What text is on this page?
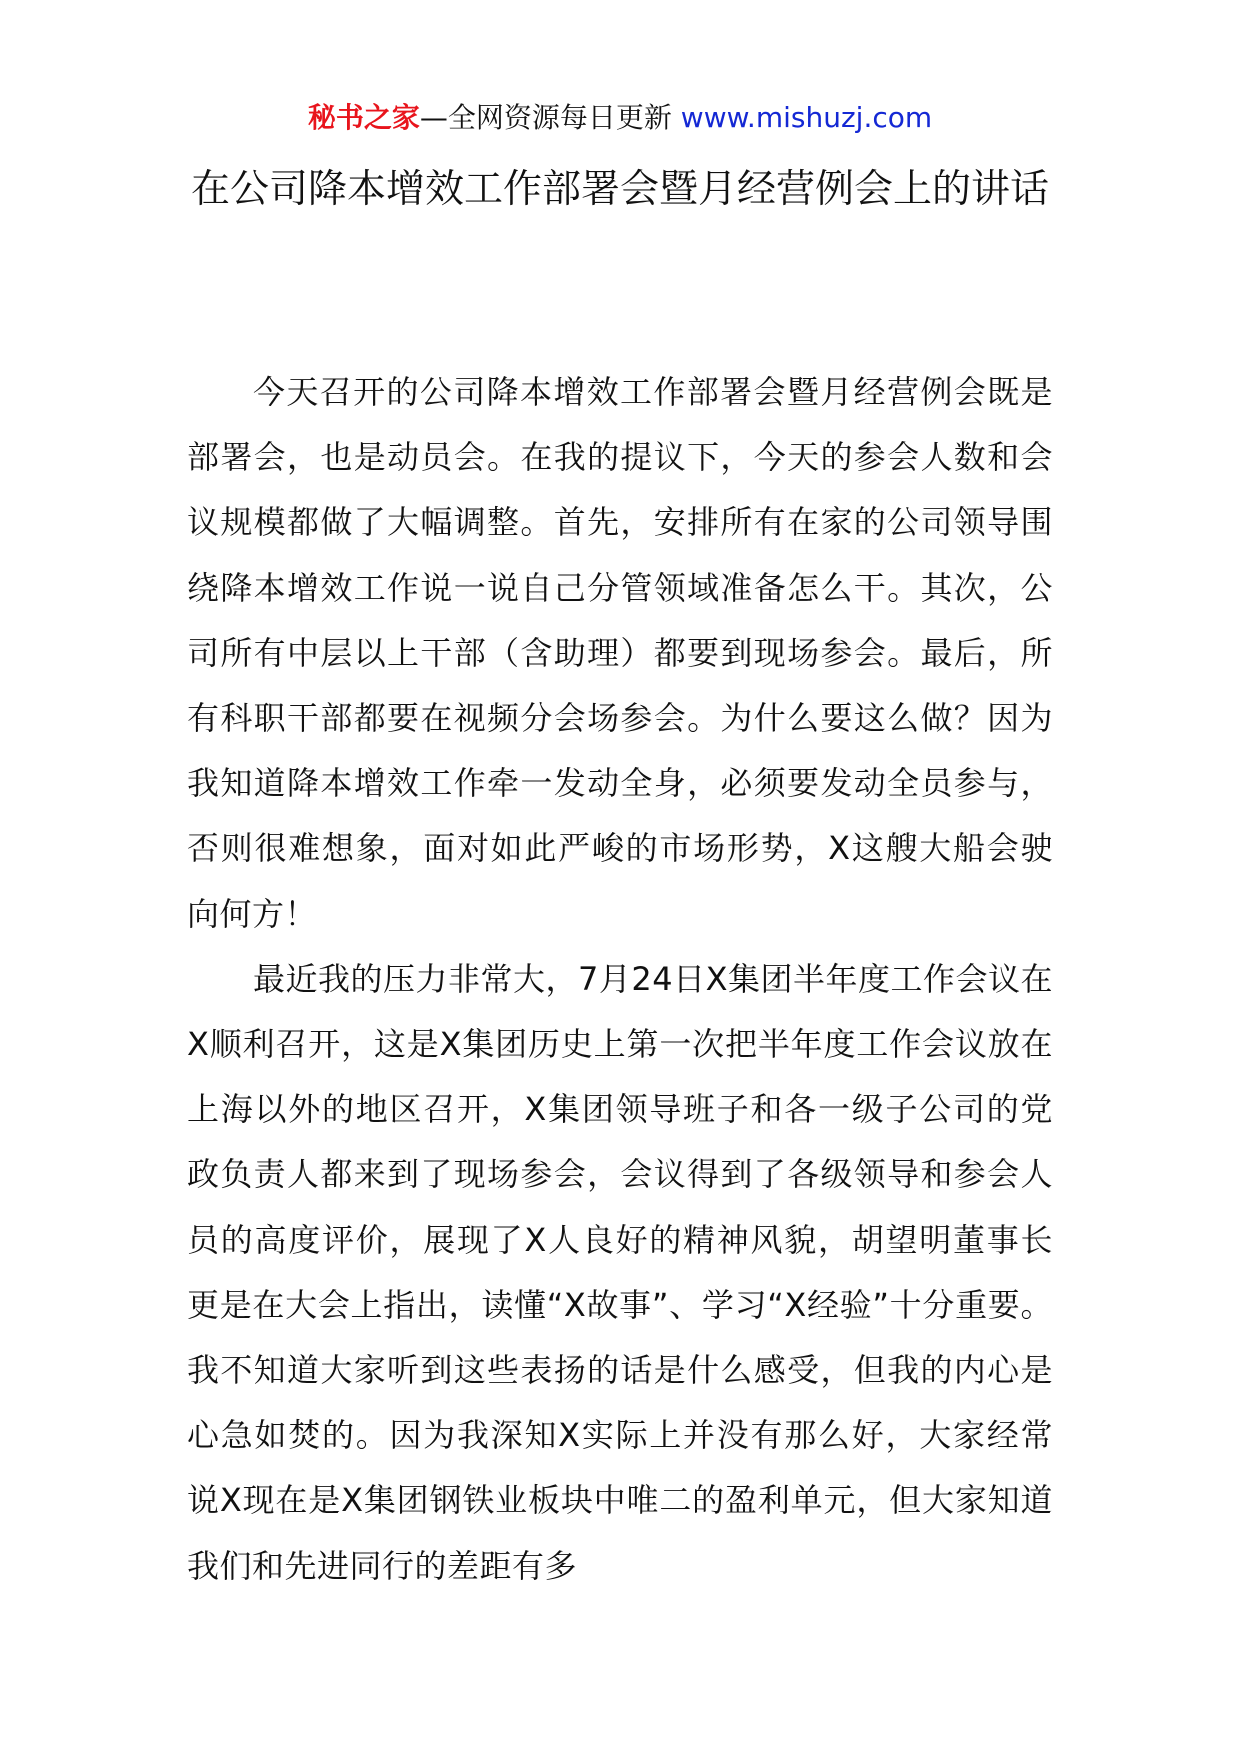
秘书之家—全网资源每日更新 www.mishuzj.com
在公司降本增效工作部署会暨月经营例会上的讲话

今天召开的公司降本增效工作部署会暨月经营例会既是部署会，也是动员会。在我的提议下，今天的参会人数和会议规模都做了大幅调整。首先，安排所有在家的公司领导围绕降本增效工作说一说自己分管领域准备怎么干。其次，公司所有中层以上干部（含助理）都要到现场参会。最后，所有科职干部都要在视频分会场参会。为什么要这么做？因为我知道降本增效工作牵一发动全身，必须要发动全员参与，否则很难想象，面对如此严峻的市场形势，X这艘大船会驶向何方！

最近我的压力非常大，7月24日X集团半年度工作会议在X顺利召开，这是X集团历史上第一次把半年度工作会议放在上海以外的地区召开，X集团领导班子和各一级子公司的党政负责人都来到了现场参会，会议得到了各级领导和参会人员的高度评价，展现了X人良好的精神风貌，胡望明董事长更是在大会上指出，读懂“X故事”、学习“X经验”十分重要。我不知道大家听到这些表扬的话是什么感受，但我的内心是心急如焚的。因为我深知X实际上并没有那么好，大家经常说X现在是X集团钢铁业板块中唯二的盈利单元，但大家知道我们和先进同行的差距有多
